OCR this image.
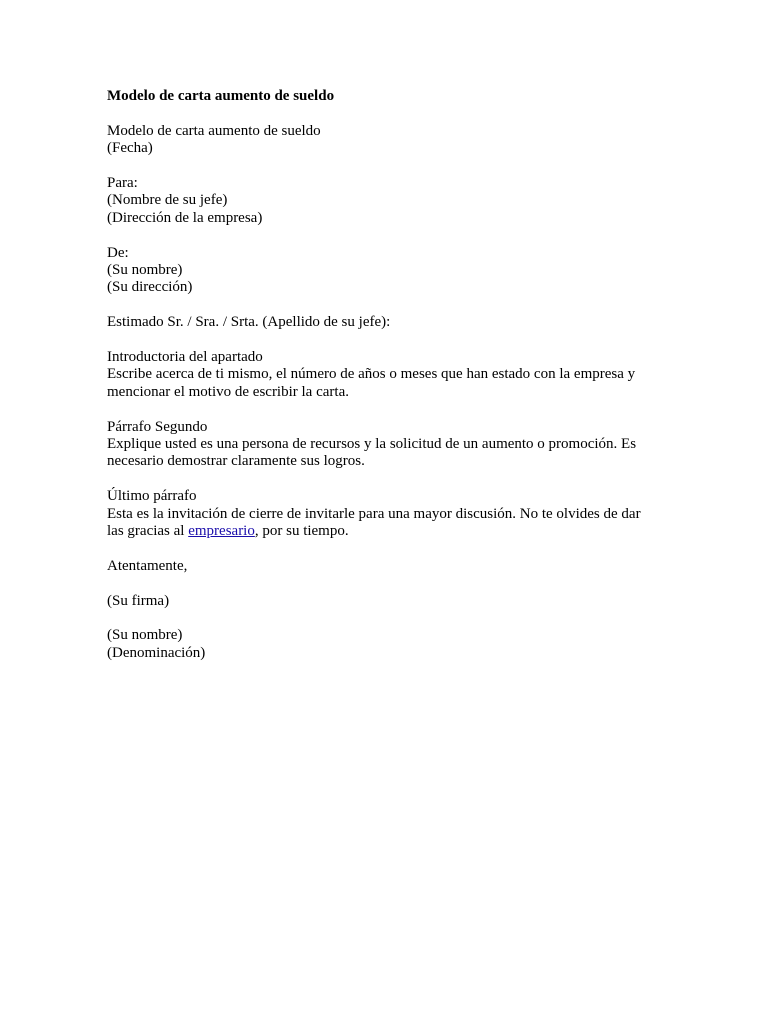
Modelo de carta aumento de sueldo
Modelo de carta aumento de sueldo
(Fecha)
Para:
(Nombre de su jefe)
(Dirección de la empresa)
De:
(Su nombre)
(Su dirección)
Estimado Sr. / Sra. / Srta. (Apellido de su jefe):
Introductoria del apartado
Escribe acerca de ti mismo, el número de años o meses que han estado con la empresa y
mencionar el motivo de escribir la carta.
Párrafo Segundo
Explique usted es una persona de recursos y la solicitud de un aumento o promoción. Es
necesario demostrar claramente sus logros.
Último párrafo
Esta es la invitación de cierre de invitarle para una mayor discusión. No te olvides de dar
las gracias al empresario, por su tiempo.
Atentamente,
(Su firma)
(Su nombre)
(Denominación)
